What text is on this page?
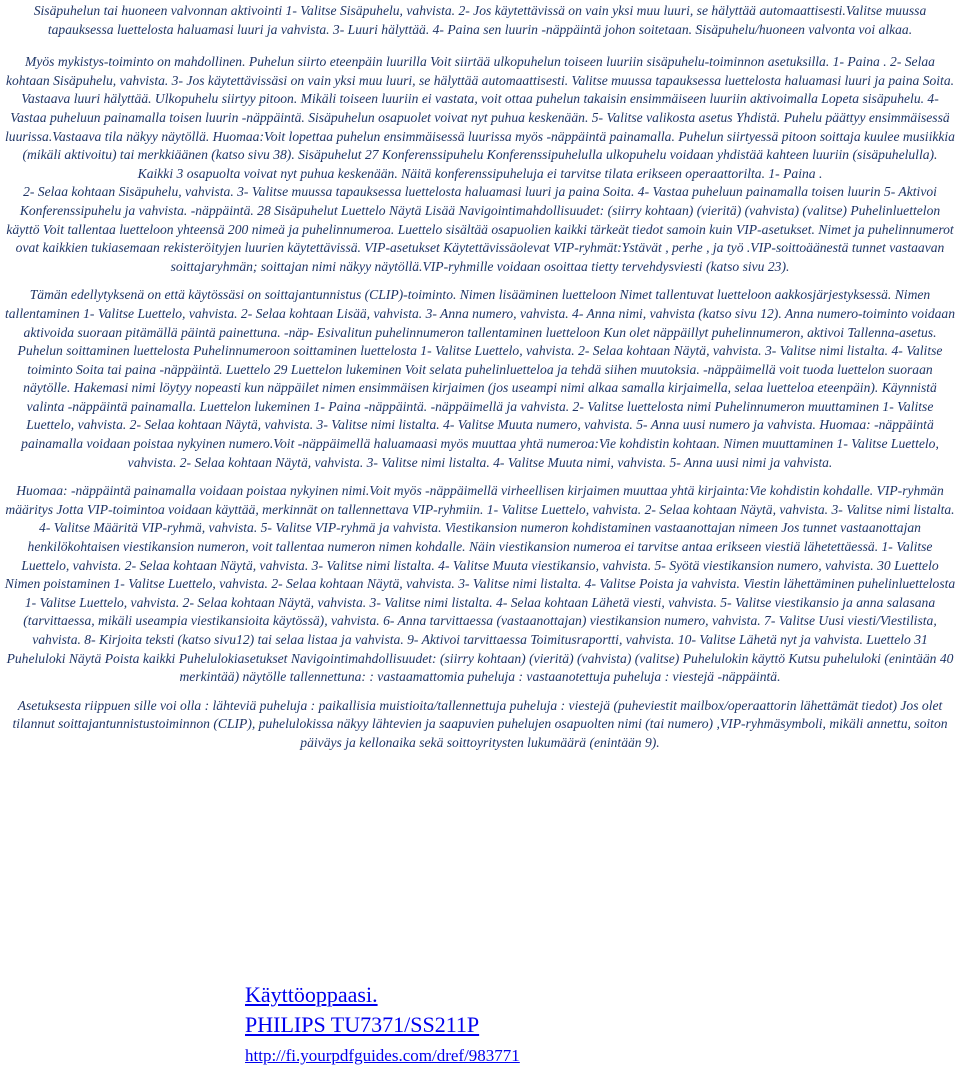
Sisäpuhelun tai huoneen valvonnan aktivointi 1- Valitse Sisäpuhelu, vahvista. 2- Jos käytettävissä on vain yksi muu luuri, se hälyttää automaattisesti.Valitse muussa tapauksessa luettelosta haluamasi luuri ja vahvista. 3- Luuri hälyttää. 4- Paina sen luurin -näppäintä johon soitetaan. Sisäpuhelu/huoneen valvonta voi alkaa.

Myös mykistys-toiminto on mahdollinen. Puhelun siirto eteenpäin luurilla Voit siirtää ulkopuhelun toiseen luuriin sisäpuhelu-toiminnon asetuksilla. 1- Paina . 2- Selaa kohtaan Sisäpuhelu, vahvista. 3- Jos käytettävissäsi on vain yksi muu luuri, se hälyttää automaattisesti. Valitse muussa tapauksessa luettelosta haluamasi luuri ja paina Soita. Vastaava luuri hälyttää. Ulkopuhelu siirtyy pitoon. Mikäli toiseen luuriin ei vastata, voit ottaa puhelun takaisin ensimmäiseen luuriin aktivoimalla Lopeta sisäpuhelu. 4- Vastaa puheluun painamalla toisen luurin -näppäintä. Sisäpuhelun osapuolet voivat nyt puhua keskenään. 5- Valitse valikosta asetus Yhdistä. Puhelu päättyy ensimmäisessä luurissa.Vastaava tila näkyy näytöllä. Huomaa:Voit lopettaa puhelun ensimmäisessä luurissa myös -näppäintä painamalla. Puhelun siirtyessä pitoon soittaja kuulee musiikkia (mikäli aktivoitu) tai merkkiäänen (katso sivu 38). Sisäpuhelut 27 Konferenssipuhelu Konferenssipuhelulla ulkopuhelu voidaan yhdistää kahteen luuriin (sisäpuhelulla). Kaikki 3 osapuolta voivat nyt puhua keskenään. Näitä konferenssipuheluja ei tarvitse tilata erikseen operaattorilta. 1- Paina .

2- Selaa kohtaan Sisäpuhelu, vahvista. 3- Valitse muussa tapauksessa luettelosta haluamasi luuri ja paina Soita. 4- Vastaa puheluun painamalla toisen luurin 5- Aktivoi Konferenssipuhelu ja vahvista. -näppäintä. 28 Sisäpuhelut Luettelo Näytä Lisää Navigointimahdollisuudet: (siirry kohtaan) (vieritä) (vahvista) (valitse) Puhelinluettelon käyttö Voit tallentaa luetteloon yhteensä 200 nimeä ja puhelinnumeroa. Luettelo sisältää osapuolien kaikki tärkeät tiedot samoin kuin VIP-asetukset. Nimet ja puhelinnumerot ovat kaikkien tukiasemaan rekisteröityjen luurien käytettävissä. VIP-asetukset Käytettävissäolevat VIP-ryhmät:Ystävät , perhe , ja työ .VIP-soittoäänestä tunnet vastaavan soittajaryhmän; soittajan nimi näkyy näytöllä.VIP-ryhmille voidaan osoittaa tietty tervehdysviesti (katso sivu 23).

Tämän edellytyksenä on että käytössäsi on soittajantunnistus (CLIP)-toiminto. Nimen lisääminen luetteloon Nimet tallentuvat luetteloon aakkosjärjestyksessä. Nimen tallentaminen 1- Valitse Luettelo, vahvista. 2- Selaa kohtaan Lisää, vahvista. 3- Anna numero, vahvista. 4- Anna nimi, vahvista (katso sivu 12). Anna numero-toiminto voidaan aktivoida suoraan pitämällä päintä painettuna. -näp- Esivalitun puhelinnumeron tallentaminen luetteloon Kun olet näppäillyt puhelinnumeron, aktivoi Tallenna-asetus. Puhelun soittaminen luettelosta Puhelinnumeroon soittaminen luettelosta 1- Valitse Luettelo, vahvista. 2- Selaa kohtaan Näytä, vahvista. 3- Valitse nimi listalta. 4- Valitse toiminto Soita tai paina -näppäintä. Luettelo 29 Luettelon lukeminen Voit selata puhelinluetteloa ja tehdä siihen muutoksia. -näppäimellä voit tuoda luettelon suoraan näytölle. Hakemasi nimi löytyy nopeasti kun näppäilet nimen ensimmäisen kirjaimen (jos useampi nimi alkaa samalla kirjaimella, selaa luetteloa eteenpäin). Käynnistä valinta -näppäintä painamalla. Luettelon lukeminen 1- Paina -näppäintä. -näppäimellä ja vahvista. 2- Valitse luettelosta nimi Puhelinnumeron muuttaminen 1- Valitse Luettelo, vahvista. 2- Selaa kohtaan Näytä, vahvista. 3- Valitse nimi listalta. 4- Valitse Muuta numero, vahvista. 5- Anna uusi numero ja vahvista. Huomaa: -näppäintä painamalla voidaan poistaa nykyinen numero.Voit -näppäimellä haluamaasi myös muuttaa yhtä numeroa:Vie kohdistin kohtaan. Nimen muuttaminen 1- Valitse Luettelo, vahvista. 2- Selaa kohtaan Näytä, vahvista. 3- Valitse nimi listalta. 4- Valitse Muuta nimi, vahvista. 5- Anna uusi nimi ja vahvista.

Huomaa: -näppäintä painamalla voidaan poistaa nykyinen nimi.Voit myös -näppäimellä virheellisen kirjaimen muuttaa yhtä kirjainta:Vie kohdistin kohdalle. VIP-ryhmän määritys Jotta VIP-toimintoa voidaan käyttää, merkinnät on tallennettava VIP-ryhmiin. 1- Valitse Luettelo, vahvista. 2- Selaa kohtaan Näytä, vahvista. 3- Valitse nimi listalta. 4- Valitse Määritä VIP-ryhmä, vahvista. 5- Valitse VIP-ryhmä ja vahvista. Viestikansion numeron kohdistaminen vastaanottajan nimeen Jos tunnet vastaanottajan henkilökohtaisen viestikansion numeron, voit tallentaa numeron nimen kohdalle. Näin viestikansion numeroa ei tarvitse antaa erikseen viestiä lähetettäessä. 1- Valitse Luettelo, vahvista. 2- Selaa kohtaan Näytä, vahvista. 3- Valitse nimi listalta. 4- Valitse Muuta viestikansio, vahvista. 5- Syötä viestikansion numero, vahvista. 30 Luettelo Nimen poistaminen 1- Valitse Luettelo, vahvista. 2- Selaa kohtaan Näytä, vahvista. 3- Valitse nimi listalta. 4- Valitse Poista ja vahvista. Viestin lähettäminen puhelinluettelosta 1- Valitse Luettelo, vahvista. 2- Selaa kohtaan Näytä, vahvista. 3- Valitse nimi listalta. 4- Selaa kohtaan Lähetä viesti, vahvista. 5- Valitse viestikansio ja anna salasana (tarvittaessa, mikäli useampia viestikansioita käytössä), vahvista. 6- Anna tarvittaessa (vastaanottajan) viestikansion numero, vahvista. 7- Valitse Uusi viesti/Viestilista, vahvista. 8- Kirjoita teksti (katso sivu12) tai selaa listaa ja vahvista. 9- Aktivoi tarvittaessa Toimitusraportti, vahvista. 10- Valitse Lähetä nyt ja vahvista. Luettelo 31 Puheluloki Näytä Poista kaikki Puhelulokiasetukset Navigointimahdollisuudet: (siirry kohtaan) (vieritä) (vahvista) (valitse) Puhelulokin käyttö Kutsu puheluloki (enintään 40 merkintää) näytölle tallennettuna: : vastaamattomia puheluja : vastaanotettuja puheluja : viestejä -näppäintä.

Asetuksesta riippuen sille voi olla : lähteviä puheluja : paikallisia muistioita/tallennettuja puheluja : viestejä (puheviestit mailbox/operaattorin lähettämät tiedot) Jos olet tilannut soittajantunnistustoiminnon (CLIP), puhelulokissa näkyy lähtevien ja saapuvien puhelujen osapuolten nimi (tai numero) ,VIP-ryhmäsymboli, mikäli annettu, soiton päiväys ja kellonaika sekä soittoyritysten lukumäärä (enintään 9).

Käyttöoppaasi.
PHILIPS TU7371/SS211P
http://fi.yourpdfguides.com/dref/983771
